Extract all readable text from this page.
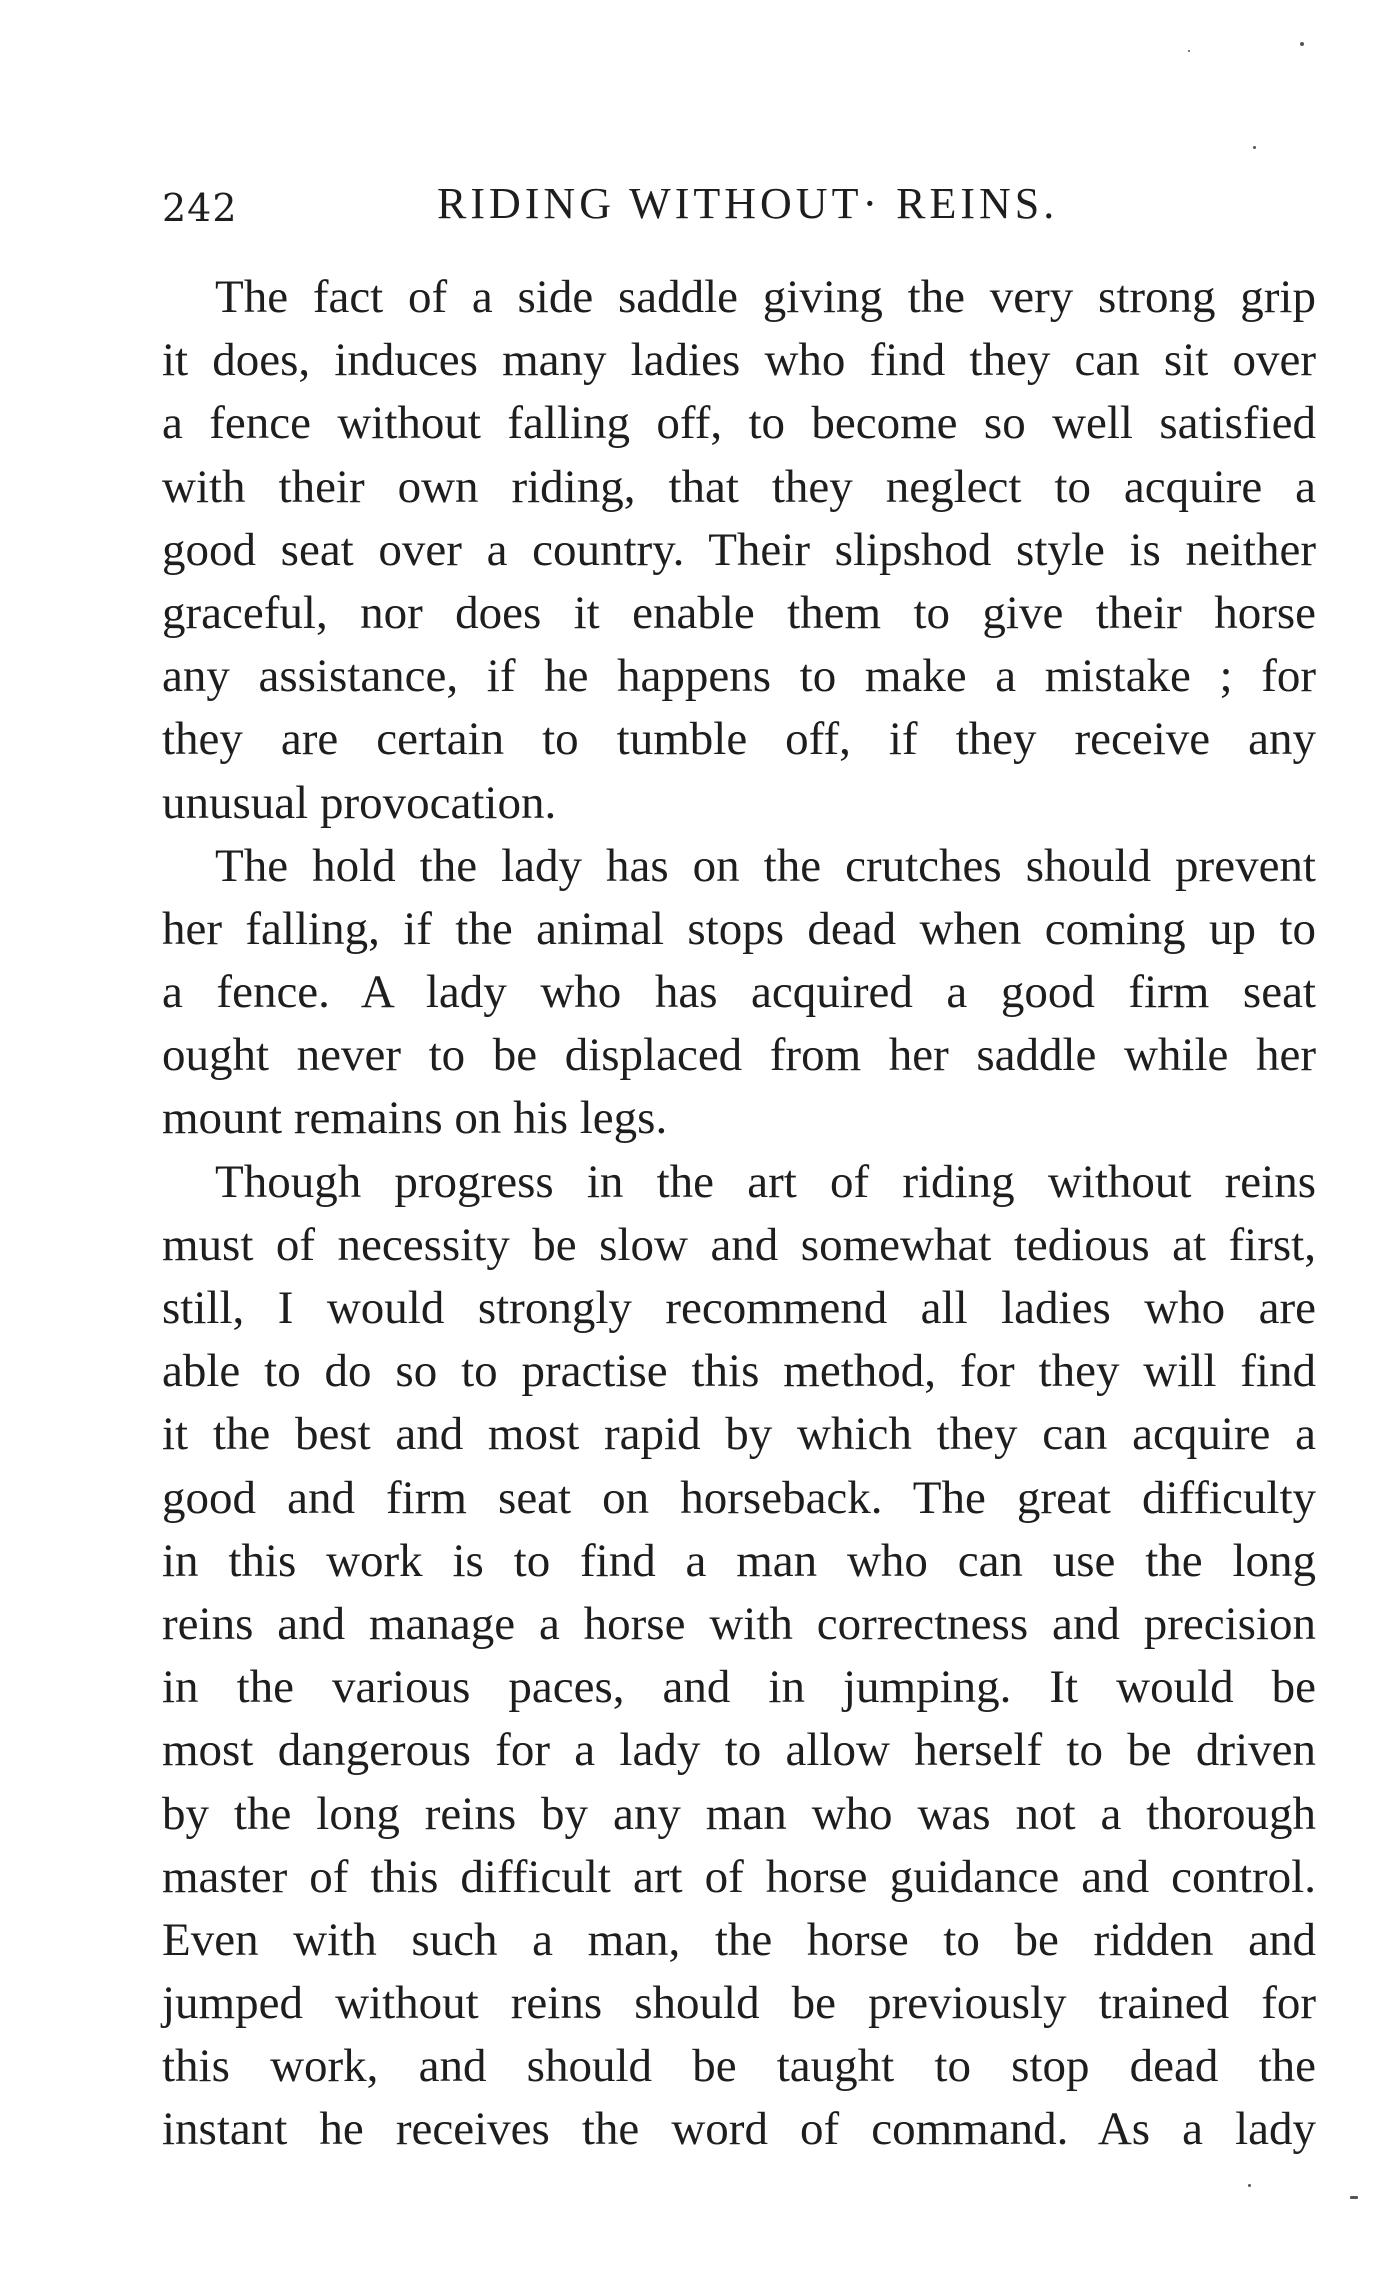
242	RIDING WITHOUT· REINS.
The fact of a side saddle giving the very strong grip
it does, induces many ladies who find they can sit over
a fence without falling off, to become so well satisfied
with their own riding, that they neglect to acquire a
good seat over a country. Their slipshod style is neither
graceful, nor does it enable them to give their horse
any assistance, if he happens to make a mistake ; for
they are certain to tumble off, if they receive any
unusual provocation.
The hold the lady has on the crutches should prevent
her falling, if the animal stops dead when coming up to
a fence. A lady who has acquired a good firm seat
ought never to be displaced from her saddle while her
mount remains on his legs.
Though progress in the art of riding without reins
must of necessity be slow and somewhat tedious at first,
still, I would strongly recommend all ladies who are
able to do so to practise this method, for they will find
it the best and most rapid by which they can acquire a
good and firm seat on horseback. The great difficulty
in this work is to find a man who can use the long
reins and manage a horse with correctness and precision
in the various paces, and in jumping. It would be
most dangerous for a lady to allow herself to be driven
by the long reins by any man who was not a thorough
master of this difficult art of horse guidance and control.
Even with such a man, the horse to be ridden and
jumped without reins should be previously trained for
this work, and should be taught to stop dead the
instant he receives the word of command. As a lady
